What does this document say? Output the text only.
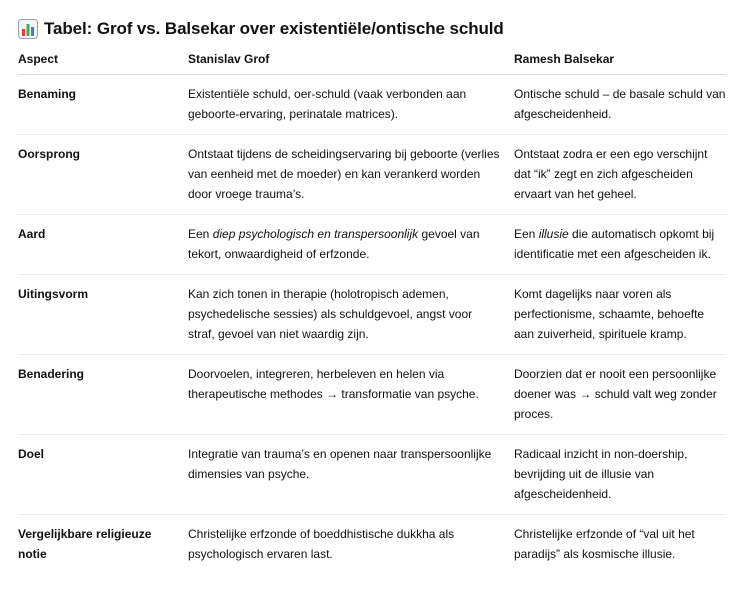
Tabel: Grof vs. Balsekar over existentiële/ontische schuld
Aspect	Stanislav Grof	Ramesh Balsekar
Benaming	Existentiële schuld, oer-schuld (vaak verbonden aan geboorte-ervaring, perinatale matrices).	Ontische schuld – de basale schuld van afgescheidenheid.
Oorsprong	Ontstaat tijdens de scheidingservaring bij geboorte (verlies van eenheid met de moeder) en kan verankerd worden door vroege trauma’s.	Ontstaat zodra er een ego verschijnt dat “ik” zegt en zich afgescheiden ervaart van het geheel.
Aard	Een diep psychologisch en transpersoonlijk gevoel van tekort, onwaardigheid of erfzonde.	Een illusie die automatisch opkomt bij identificatie met een afgescheiden ik.
Uitingsvorm	Kan zich tonen in therapie (holotropisch ademen, psychedelische sessies) als schuldgevoel, angst voor straf, gevoel van niet waardig zijn.	Komt dagelijks naar voren als perfectionisme, schaamte, behoefte aan zuiverheid, spirituele kramp.
Benadering	Doorvoelen, integreren, herbeleven en helen via therapeutische methodes → transformatie van psyche.	Doorzien dat er nooit een persoonlijke doener was → schuld valt weg zonder proces.
Doel	Integratie van trauma’s en openen naar transpersoonlijke dimensies van psyche.	Radicaal inzicht in non-doership, bevrijding uit de illusie van afgescheidenheid.
Vergelijkbare religieuze notie	Christelijke erfzonde of boeddhistische dukkha als psychologisch ervaren last.	Christelijke erfzonde of “val uit het paradijs” als kosmische illusie.
